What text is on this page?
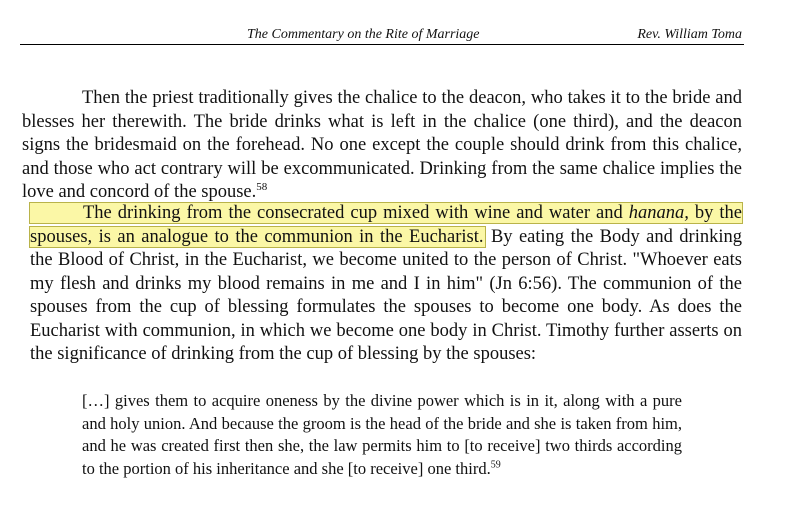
The Commentary on the Rite of Marriage	Rev. William Toma
Then the priest traditionally gives the chalice to the deacon, who takes it to the bride and blesses her therewith. The bride drinks what is left in the chalice (one third), and the deacon signs the bridesmaid on the forehead. No one except the couple should drink from this chalice, and those who act contrary will be excommunicated. Drinking from the same chalice implies the love and concord of the spouse.$^{58}$
The drinking from the consecrated cup mixed with wine and water and hanana, by the spouses, is an analogue to the communion in the Eucharist. By eating the Body and drinking the Blood of Christ, in the Eucharist, we become united to the person of Christ. "Whoever eats my flesh and drinks my blood remains in me and I in him" (Jn 6:56). The communion of the spouses from the cup of blessing formulates the spouses to become one body. As does the Eucharist with communion, in which we become one body in Christ. Timothy further asserts on the significance of drinking from the cup of blessing by the spouses:
[…] gives them to acquire oneness by the divine power which is in it, along with a pure and holy union. And because the groom is the head of the bride and she is taken from him, and he was created first then she, the law permits him to [to receive] two thirds according to the portion of his inheritance and she [to receive] one third.$^{59}$
